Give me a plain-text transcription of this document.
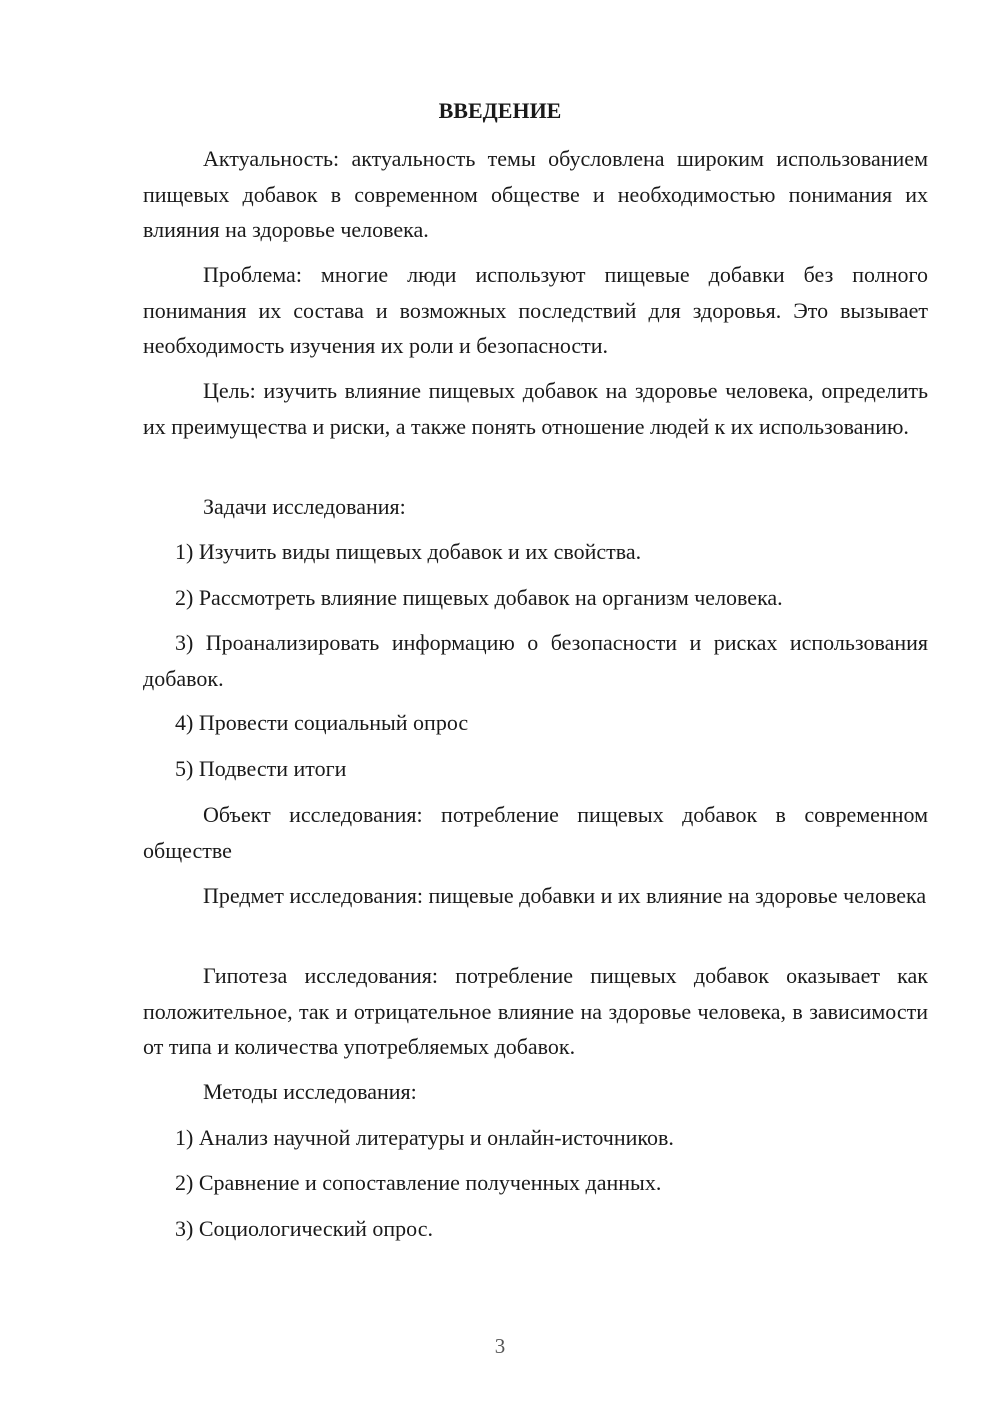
ВВЕДЕНИЕ

Актуальность: актуальность темы обусловлена широким использованием пищевых добавок в современном обществе и необходимостью понимания их влияния на здоровье человека.

Проблема: многие люди используют пищевые добавки без полного понимания их состава и возможных последствий для здоровья. Это вызывает необходимость изучения их роли и безопасности.

Цель: изучить влияние пищевых добавок на здоровье человека, определить их преимущества и риски, а также понять отношение людей к их использованию.

Задачи исследования:

1) Изучить виды пищевых добавок и их свойства.

2) Рассмотреть влияние пищевых добавок на организм человека.

3) Проанализировать информацию о безопасности и рисках использования добавок.

4) Провести социальный опрос

5) Подвести итоги

Объект исследования: потребление пищевых добавок в современном обществе

Предмет исследования: пищевые добавки и их влияние на здоровье человека

Гипотеза исследования: потребление пищевых добавок оказывает как положительное, так и отрицательное влияние на здоровье человека, в зависимости от типа и количества употребляемых добавок.

Методы исследования:

1) Анализ научной литературы и онлайн-источников.

2) Сравнение и сопоставление полученных данных.

3) Социологический опрос.

3
